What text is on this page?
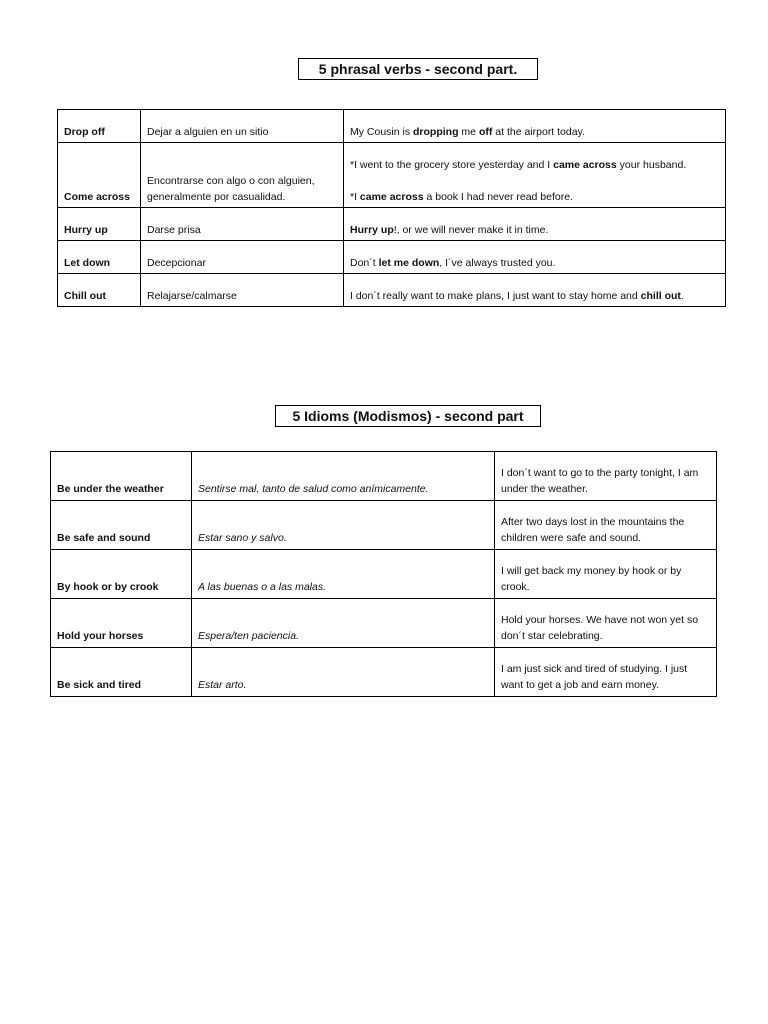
5 phrasal verbs - second part.
Drop off	Dejar a alguien en un sitio	My Cousin is dropping me off at the airport today.
Come across	Encontrarse con algo o con alguien, generalmente por casualidad.	*I went to the grocery store yesterday and I came across your husband.
*I came across a book I had never read before.

Hurry up	Darse prisa	Hurry up!, or we will never make it in time.
Let down	Decepcionar	Don´t let me down, I´ve always trusted you.
Chill out	Relajarse/calmarse	I don´t really want to make plans, I just want to stay home and chill out.
5 Idioms (Modismos) - second part
Be under the weather	Sentirse mal, tanto de salud como anímicamente.	I don´t want to go to the party tonight, I am under the weather.
Be safe and sound	Estar sano y salvo.	After two days lost in the mountains the children were safe and sound.
By hook or by crook	A las buenas o a las malas.	I will get back my money by hook or by crook.
Hold your horses	Espera/ten paciencia.	Hold your horses. We have not won yet so don´t star celebrating.
Be sick and tired	Estar arto.	I am just sick and tired of studying. I just want to get a job and earn money.
